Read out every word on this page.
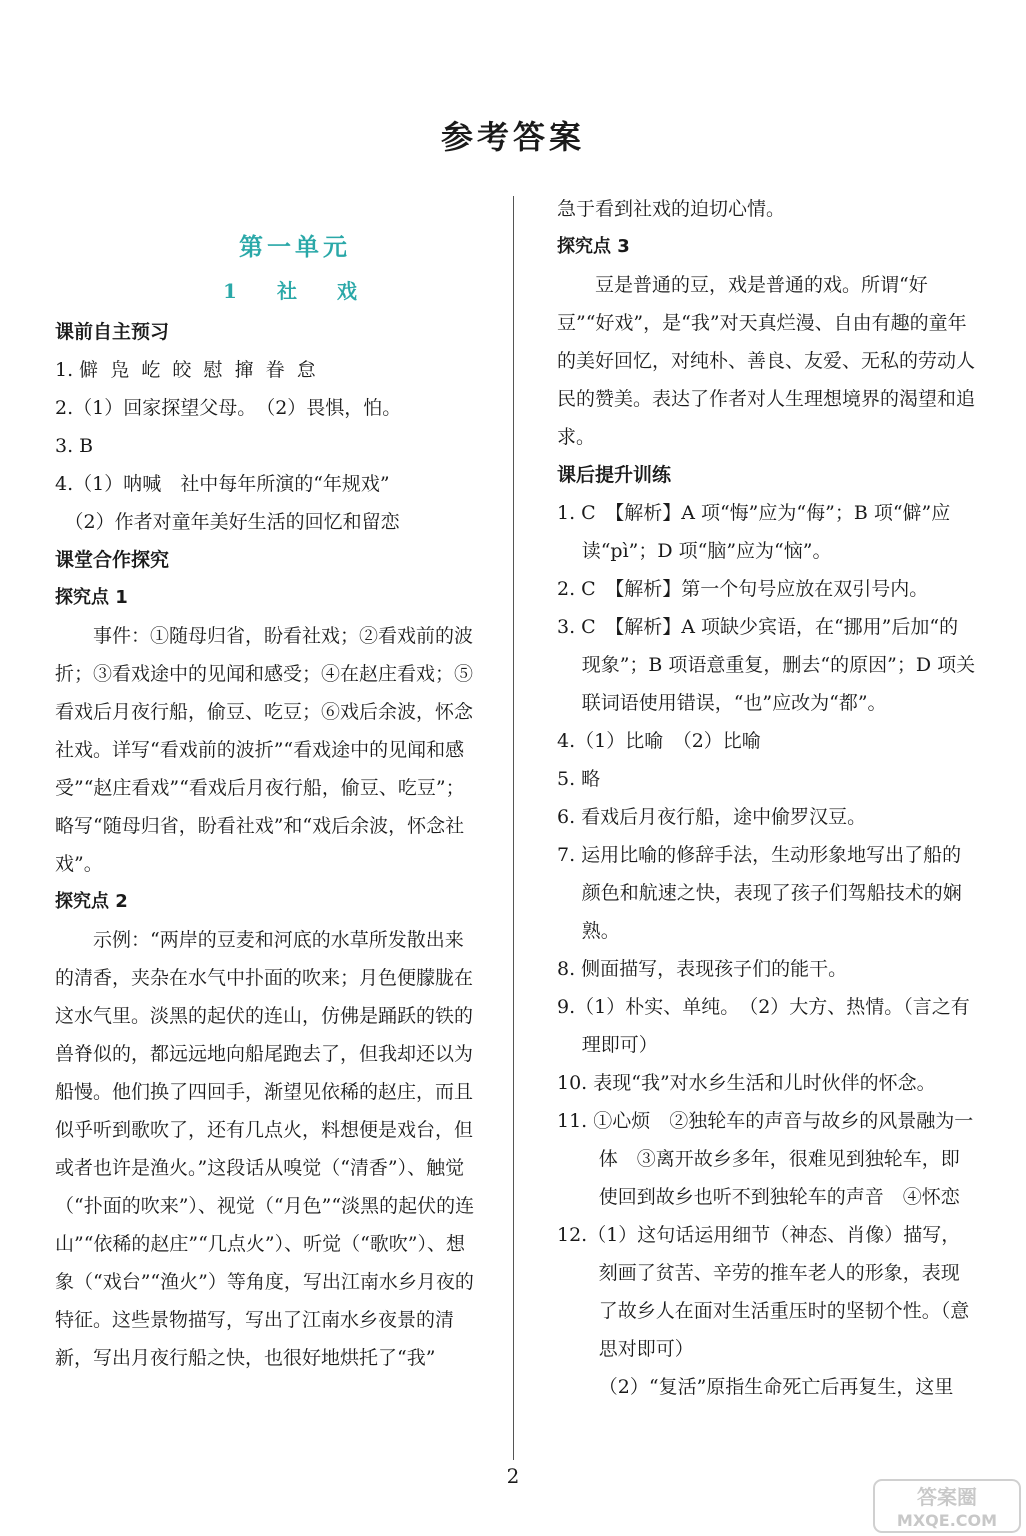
参考答案
第一单元
1　社　戏
课前自主预习

1. 僻  凫  屹  皎  慰  撺  眷  怠

2.（1）回家探望父母。　（2）畏惧，怕。

3. B

4.（1）呐喊　社中每年所演的“年规戏”

　（2）作者对童年美好生活的回忆和留恋

课堂合作探究
探究点 1

事件：①随母归省，盼看社戏；②看戏前的波折；③看戏途中的见闻和感受；④在赵庄看戏；⑤看戏后月夜行船，偷豆、吃豆；⑥戏后余波，怀念社戏。详写“看戏前的波折”“看戏途中的见闻和感受”“赵庄看戏”“看戏后月夜行船，偷豆、吃豆”；略写“随母归省，盼看社戏”和“戏后余波，怀念社戏”。

探究点 2

示例：“两岸的豆麦和河底的水草所发散出来的清香，夹杂在水气中扑面的吹来；月色便朦胧在这水气里。淡黑的起伏的连山，仿佛是踊跃的铁的兽脊似的，都远远地向船尾跑去了，但我却还以为船慢。他们换了四回手，渐望见依稀的赵庄，而且似乎听到歌吹了，还有几点火，料想便是戏台，但或者也许是渔火。”这段话从嗅觉（“清香”）、触觉（“扑面的吹来”）、视觉（“月色”“淡黑的起伏的连山”“依稀的赵庄”“几点火”）、听觉（“歌吹”）、想象（“戏台”“渔火”）等角度，写出江南水乡月夜的特征。这些景物描写，写出了江南水乡夜景的清新，写出月夜行船之快，也很好地烘托了“我”

急于看到社戏的迫切心情。

探究点 3

豆是普通的豆，戏是普通的戏。所谓“好豆”“好戏”，是“我”对天真烂漫、自由有趣的童年的美好回忆，对纯朴、善良、友爱、无私的劳动人民的赞美。表达了作者对人生理想境界的渴望和追求。

课后提升训练

1. C　【解析】A 项“悔”应为“侮”；B 项“僻”应读“pì”；D 项“脑”应为“恼”。

2. C　【解析】第一个句号应放在双引号内。

3. C　【解析】A 项缺少宾语，在“挪用”后加“的现象”；B 项语意重复，删去“的原因”；D 项关联词语使用错误，“也”应改为“都”。

4.（1）比喻　（2）比喻

5. 略

6. 看戏后月夜行船，途中偷罗汉豆。

7. 运用比喻的修辞手法，生动形象地写出了船的颜色和航速之快，表现了孩子们驾船技术的娴熟。

8. 侧面描写，表现孩子们的能干。

9.（1）朴实、单纯。　（2）大方、热情。（言之有理即可）

10. 表现“我”对水乡生活和儿时伙伴的怀念。

11. ①心烦　②独轮车的声音与故乡的风景融为一体　③离开故乡多年，很难见到独轮车，即使回到故乡也听不到独轮车的声音　④怀恋

12.（1）这句话运用细节（神态、肖像）描写，刻画了贫苦、辛劳的推车老人的形象，表现了故乡人在面对生活重压时的坚韧个性。（意思对即可）

（2）“复活”原指生命死亡后再复生，这里

2
答案圈
MXQE.COM
